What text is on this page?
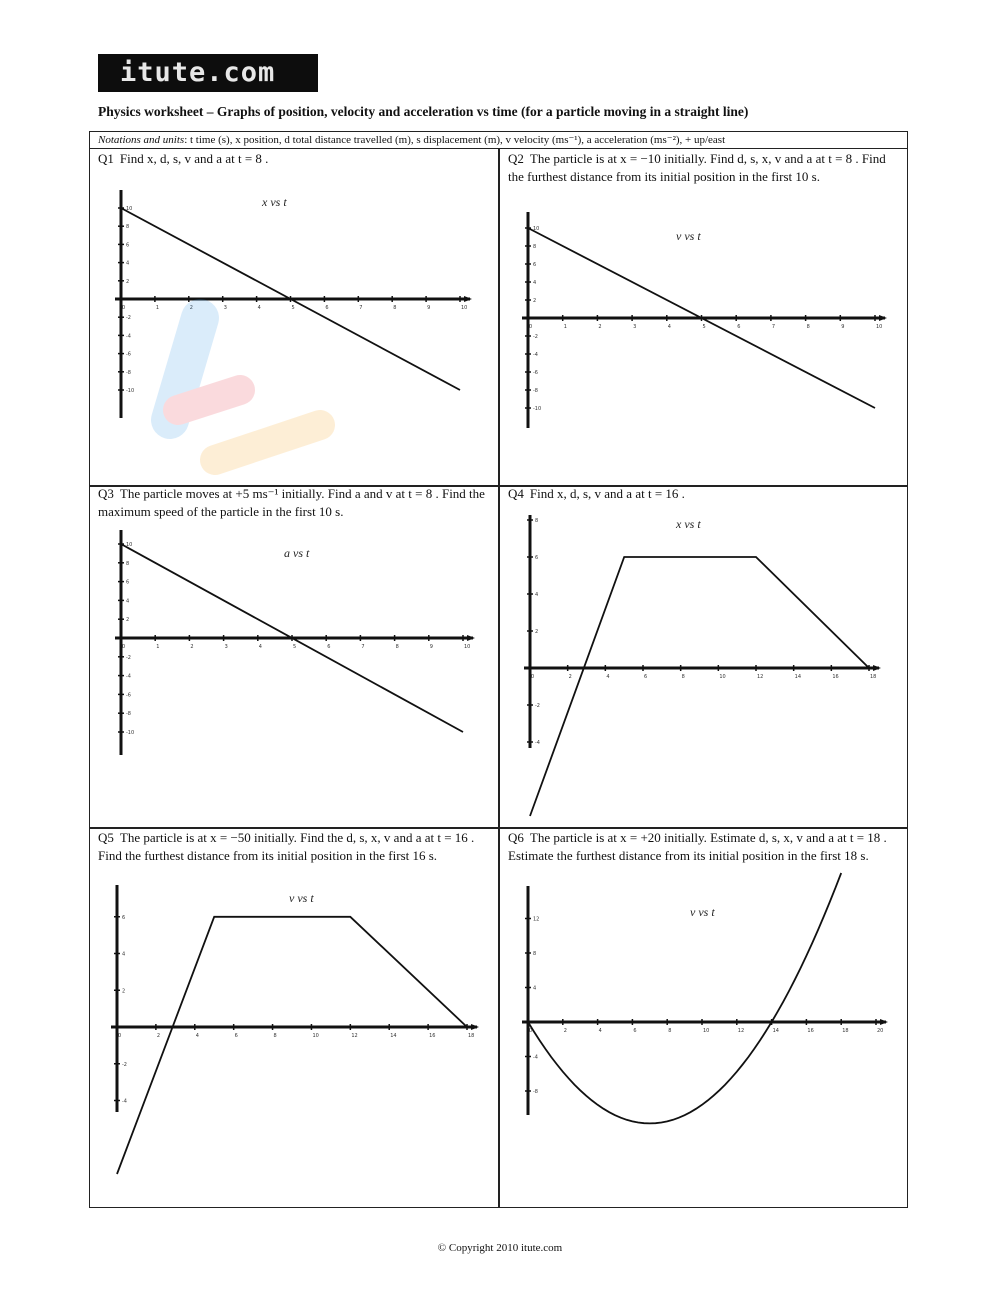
itute.com
Physics worksheet – Graphs of position, velocity and acceleration vs time (for a particle moving in a straight line)
Notations and units: t time (s), x position, d total distance travelled (m), s displacement (m), v velocity (ms⁻¹), a acceleration (ms⁻²), + up/east
Q1 Find x, d, s, v and a at t = 8 .	Q2 The particle is at x = −10 initially. Find d, s, x, v and a at t = 8 . Find the furthest distance from its initial position in the first 10 s.
Q3 The particle moves at +5 ms⁻¹ initially. Find a and v at t = 8 . Find the maximum speed of the particle in the first 10 s.
Q4 Find x, d, s, v and a at t = 16 .
Q5 The particle is at x = −50 initially. Find the d, s, x, v and a at t = 16 . Find the furthest distance from its initial position in the first 16 s.
Q6 The particle is at x = +20 initially. Estimate d, s, x, v and a at t = 18 . Estimate the furthest distance from its initial position in the first 18 s.
0	1	2	3	4	5	6	7	8	9	10
-10
-8
-6
-4
-2
2
4
6
8
10	x vs t
0	1	2	3	4	5	6	7	8	9	10
-10
-8
-6
-4
-2
2
4
6
8
10	v vs t
0	1	2	3	4	5	6	7	8	9	10
-10
-8
-6
-4
-2
2
4
6
8
10
a vs t
0	2	4	6	8	10	12	14	16	18
-4
-2
2
4
6
8	x vs t
0	2	4	6	8	10	12	14	16	18
-4
-2
2
4
6
v vs t
0	2	4	6	8	10	12	14	16	18	20
-8
-4
4
8
12
v vs t
© Copyright 2010 itute.com
